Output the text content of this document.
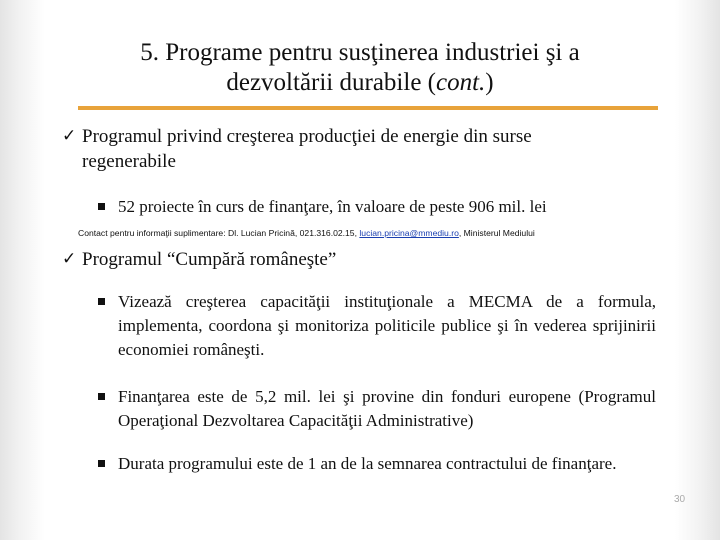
5. Programe pentru susţinerea industriei şi a
dezvoltării durabile (cont.)
✓ Programul privind creşterea producţiei de energie din surse
regenerabile
52 proiecte în curs de finanţare, în valoare de peste 906 mil. lei
Contact pentru informaţii suplimentare: Dl. Lucian Pricină, 021.316.02.15, lucian.pricina@mmediu.ro, Ministerul Mediului
✓ Programul “Cumpără româneşte”
Vizează creşterea capacităţii instituţionale a MECMA de a formula, implementa, coordona şi monitoriza politicile publice şi în vederea sprijinirii economiei româneşti.
Finanţarea este de 5,2 mil. lei şi provine din fonduri europene (Programul Operaţional Dezvoltarea Capacităţii Administrative)
Durata programului este de 1 an de la semnarea contractului de finanţare.
30
